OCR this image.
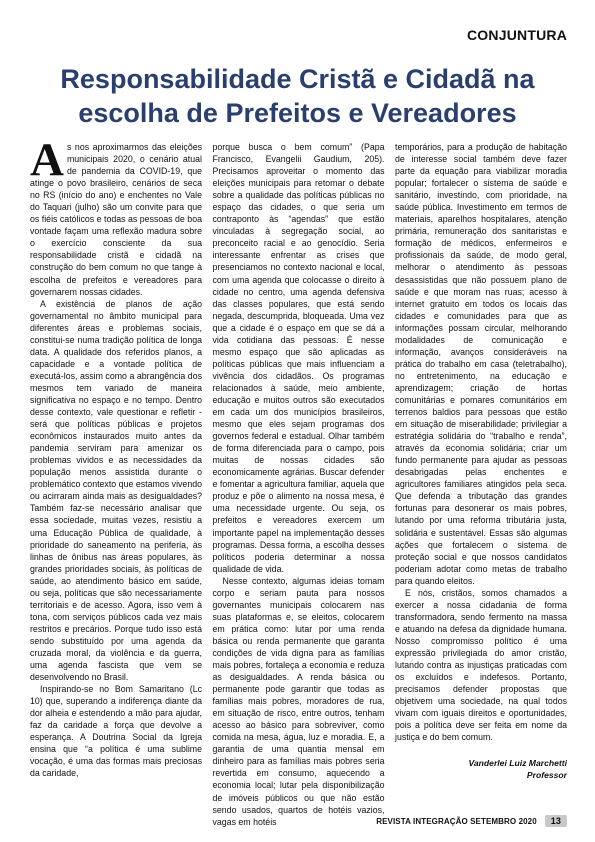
CONJUNTURA
Responsabilidade Cristã e Cidadã na escolha de Prefeitos e Vereadores

As nos aproximarmos das eleições municipais 2020, o cenário atual de pandemia da COVID-19, que atinge o povo brasileiro, cenários de seca no RS (início do ano) e enchentes no Vale do Taquari (julho) são um convite para que os fiéis católicos e todas as pessoas de boa vontade façam uma reflexão madura sobre o exercício consciente da sua responsabilidade cristã e cidadã na construção do bem comum no que tange à escolha de prefeitos e vereadores para governarem nossas cidades.

A existência de planos de ação governamental no âmbito municipal para diferentes áreas e problemas sociais, constitui-se numa tradição política de longa data. A qualidade dos referidos planos, a capacidade e a vontade política de executá-los, assim como a abrangência dos mesmos tem variado de maneira significativa no espaço e no tempo. Dentro desse contexto, vale questionar e refletir - será que políticas públicas e projetos econômicos instaurados muito antes da pandemia serviram para amenizar os problemas vividos e as necessidades da população menos assistida durante o problemático contexto que estamos vivendo ou acirraram ainda mais as desigualdades? Também faz-se necessário analisar que essa sociedade, muitas vezes, resistiu a uma Educação Pública de qualidade, à prioridade do saneamento na periferia, às linhas de ônibus nas áreas populares, às grandes prioridades sociais, às políticas de saúde, ao atendimento básico em saúde, ou seja, políticas que são necessariamente territoriais e de acesso. Agora, isso vem à tona, com serviços públicos cada vez mais restritos e precários. Porque tudo isso está sendo substituído por uma agenda da cruzada moral, da violência e da guerra, uma agenda fascista que vem se desenvolvendo no Brasil.

Inspirando-se no Bom Samaritano (Lc 10) que, superando a indiferença diante da dor alheia e estendendo a mão para ajudar, faz da caridade a força que devolve a esperança. A Doutrina Social da Igreja ensina que “a política é uma sublime vocação, é uma das formas mais preciosas da caridade,

porque busca o bem comum” (Papa Francisco, Evangelii Gaudium, 205). Precisamos aproveitar o momento das eleições municipais para retomar o debate sobre a qualidade das políticas públicas no espaço das cidades, o que seria um contraponto às “agendas” que estão vinculadas à segregação social, ao preconceito racial e ao genocídio. Seria interessante enfrentar as crises que presenciamos no contexto nacional e local, com uma agenda que colocasse o direito à cidade no centro, uma agenda defensiva das classes populares, que está sendo negada, descumprida, bloqueada. Uma vez que a cidade é o espaço em que se dá a vida cotidiana das pessoas. É nesse mesmo espaço que são aplicadas as políticas públicas que mais influenciam a vivência dos cidadãos. Os programas relacionados à saúde, meio ambiente, educação e muitos outros são executados em cada um dos municípios brasileiros, mesmo que eles sejam programas dos governos federal e estadual. Olhar também de forma diferenciada para o campo, pois muitas de nossas cidades são economicamente agrárias. Buscar defender e fomentar a agricultura familiar, aquela que produz e põe o alimento na nossa mesa, é uma necessidade urgente. Ou seja, os prefeitos e vereadores exercem um importante papel na implementação desses programas. Dessa forma, a escolha desses políticos poderia determinar a nossa qualidade de vida.

Nesse contexto, algumas ideias tomam corpo e seriam pauta para nossos governantes municipais colocarem nas suas plataformas e, se eleitos, colocarem em prática como: lutar por uma renda básica ou renda permanente que garanta condições de vida digna para as famílias mais pobres, fortaleça a economia e reduza as desigualdades. A renda básica ou permanente pode garantir que todas as famílias mais pobres, moradores de rua, em situação de risco, entre outros, tenham acesso ao básico para sobreviver, como comida na mesa, água, luz e moradia. E, a garantia de uma quantia mensal em dinheiro para as famílias mais pobres seria revertida em consumo, aquecendo a economia local; lutar pela disponibilização de imóveis públicos ou que não estão sendo usados, quartos de hotéis vazios, vagas em hotéis

temporários, para a produção de habitação de interesse social também deve fazer parte da equação para viabilizar moradia popular; fortalecer o sistema de saúde e sanitário, investindo, com prioridade, na saúde pública. Investimento em termos de materiais, aparelhos hospitalares, atenção primária, remuneração dos sanitaristas e formação de médicos, enfermeiros e profissionais da saúde, de modo geral, melhorar o atendimento às pessoas desassistidas que não possuem plano de saúde e que moram nas ruas; acesso à internet gratuito em todos os locais das cidades e comunidades para que as informações possam circular, melhorando modalidades de comunicação e informação, avanços consideráveis na prática do trabalho em casa (teletrabalho), no entretenimento, na educação e aprendizagem; criação de hortas comunitárias e pomares comunitários em terrenos baldios para pessoas que estão em situação de miserabilidade; privilegiar a estratégia solidária do “trabalho e renda”, através da economia solidária; criar um fundo permanente para ajudar as pessoas desabrigadas pelas enchentes e agricultores familiares atingidos pela seca. Que defenda a tributação das grandes fortunas para desonerar os mais pobres, lutando por uma reforma tributária justa, solidária e sustentável. Essas são algumas ações que fortalecem o sistema de proteção social e que nossos candidatos poderiam adotar como metas de trabalho para quando eleitos.

E nós, cristãos, somos chamados a exercer a nossa cidadania de forma transformadora, sendo fermento na massa e atuando na defesa da dignidade humana. Nosso compromisso político é uma expressão privilegiada do amor cristão, lutando contra as injustiças praticadas com os excluídos e indefesos. Portanto, precisamos defender propostas que objetivem uma sociedade, na qual todos vivam com iguais direitos e oportunidades, pois a política deve ser feita em nome da justiça e do bem comum.

Vanderlei Luiz Marchetti
Professor
REVISTA INTEGRAÇÃO SETEMBRO 2020	13
